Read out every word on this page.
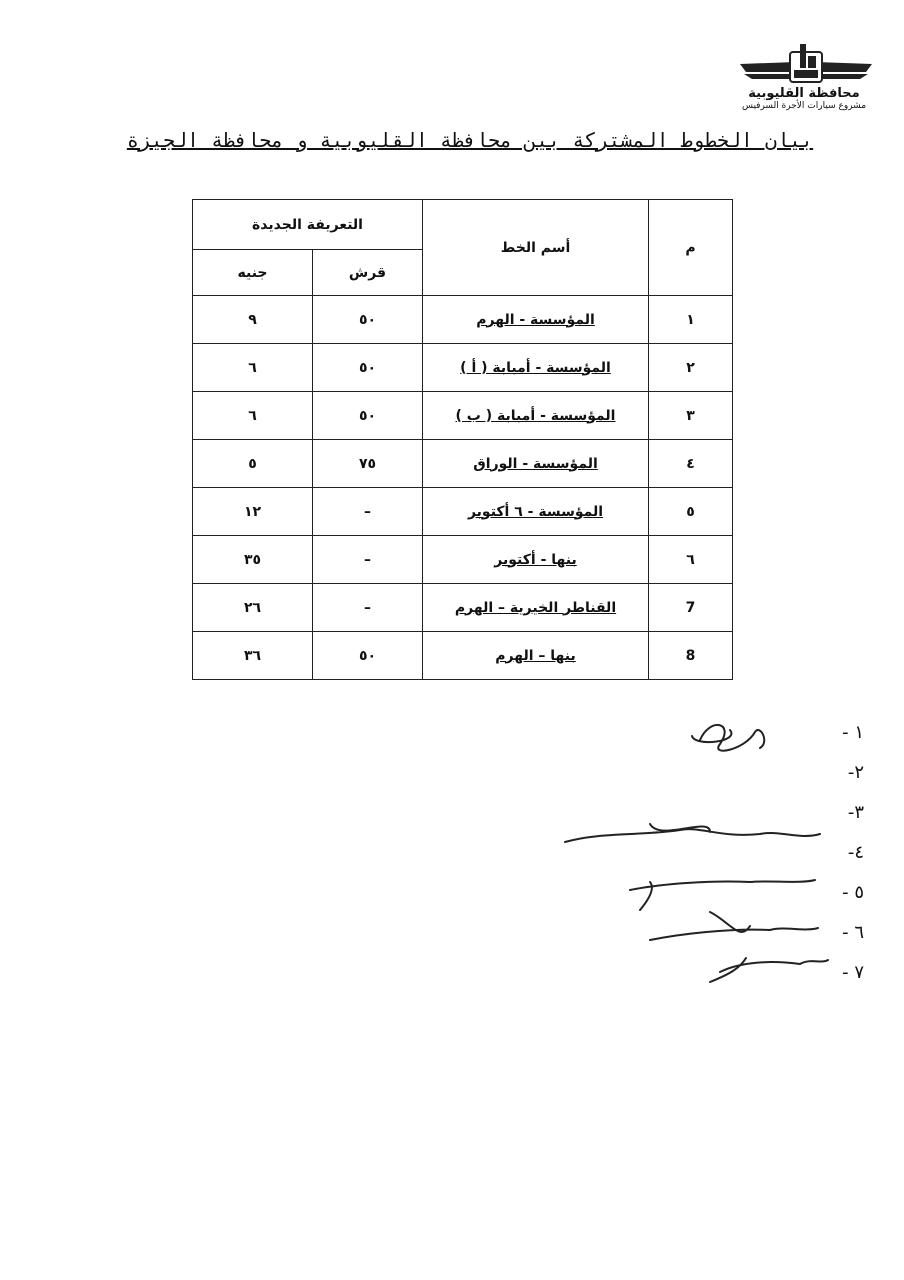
محافظة القليوبية
مشروع سيارات الأجرة السرفيس
بيان الخطوط المشتركة بين محافظة القليوبية و محافظة الجيزة
م	أسم الخط	التعريفة الجديدة	
		قرش	جنيه
١	المؤسسة - الهرم	٥٠	٩
٢	المؤسسة - أمبابة ( أ )	٥٠	٦
٣	المؤسسة - أمبابة ( ب )	٥٠	٦
٤	المؤسسة - الوراق	٧٥	٥
٥	المؤسسة - ٦ أكتوبر	–	١٢
٦	بنها - أكتوبر	–	٣٥
7	القناطر الخيرية – الهرم	–	٢٦
8	بنها – الهرم	٥٠	٣٦
١ -
٢-
٣-
٤-
٥ -
٦ -
٧ -
